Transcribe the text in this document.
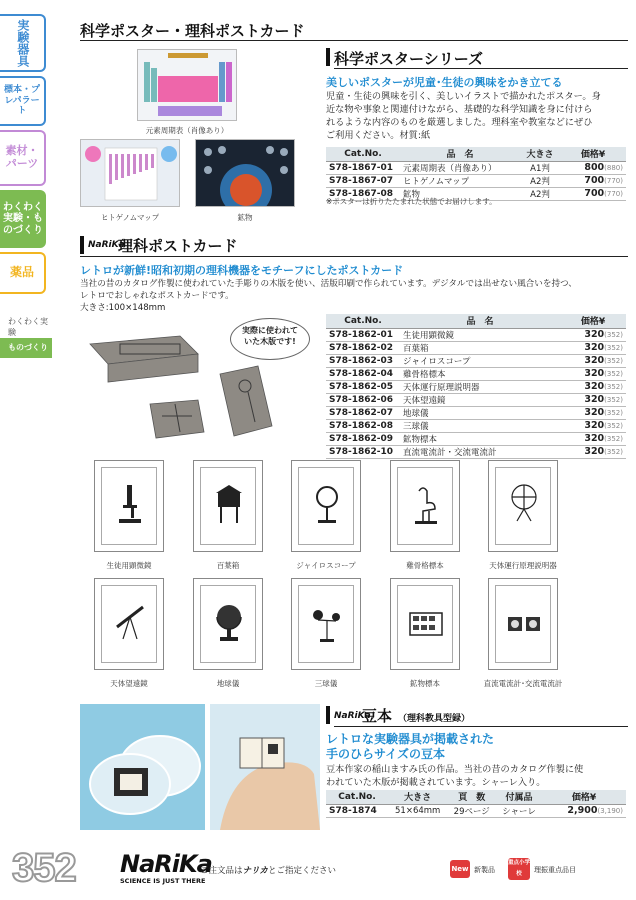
実験器具
標本・プレパラート
素材・パーツ
わくわく実験・ものづくり
薬品
わくわく実験
ものづくり
科学ポスター・理科ポストカード
元素周期表（肖像あり）
ヒトゲノムマップ	鉱物
科学ポスターシリーズ
美しいポスターが児童･生徒の興味をかき立てる
児童・生徒の興味を引く、美しいイラストで描かれたポスター。身
近な物や事象と関連付けながら、基礎的な科学知識を身に付けら
れるような内容のものを厳選しました。理科室や教室などにぜひ
ご利用ください。材質:紙
Cat.No.	品　名	大きさ	価格¥
S78-1867-01	元素周期表（肖像あり）	A1判	800(880)
S78-1867-07	ヒトゲノムマップ	A2判	700(770)
S78-1867-08	鉱物	A2判	700(770)
※ポスターは折りたたまれた状態でお届けします。
NaRiKa
理科ポストカード
レトロが新鮮!昭和初期の理科機器をモチーフにしたポストカード
当社の昔のカタログ作製に使われていた手彫りの木版を使い、活版印刷で作られています。デジタルでは出せない風合いを持つ、
レトロでおしゃれなポストカードです。
大きさ:100×148mm
実際に使われていた木版です!
Cat.No.	品　名	価格¥
S78-1862-01	生徒用顕微鏡	320(352)
S78-1862-02	百葉箱	320(352)
S78-1862-03	ジャイロスコープ	320(352)
S78-1862-04	雞骨格標本	320(352)
S78-1862-05	天体運行原理説明器	320(352)
S78-1862-06	天体望遠鏡	320(352)
S78-1862-07	地球儀	320(352)
S78-1862-08	三球儀	320(352)
S78-1862-09	鉱物標本	320(352)
S78-1862-10	直流電流計・交流電流計	320(352)
生徒用顕微鏡	百葉箱	ジャイロスコープ	雞骨格標本	天体運行原理説明器
天体望遠鏡	地球儀	三球儀	鉱物標本	直流電流計･交流電流計
NaRiKa
豆本 （理科教具型録）
レトロな実験器具が掲載された
手のひらサイズの豆本
豆本作家の稲山ますみ氏の作品。当社の昔のカタログ作製に使
われていた木版が掲載されています。シャーレ入り。
Cat.No.	大きさ	頁　数	付属品	価格¥
S78-1874	51×64mm	29ページ	シャーレ	2,900(3,190)
352 NaRiKa
SCIENCE IS JUST THERE
ご注文品はナリカとご指定ください	New 新製品
重点小学校	理振重点品目
